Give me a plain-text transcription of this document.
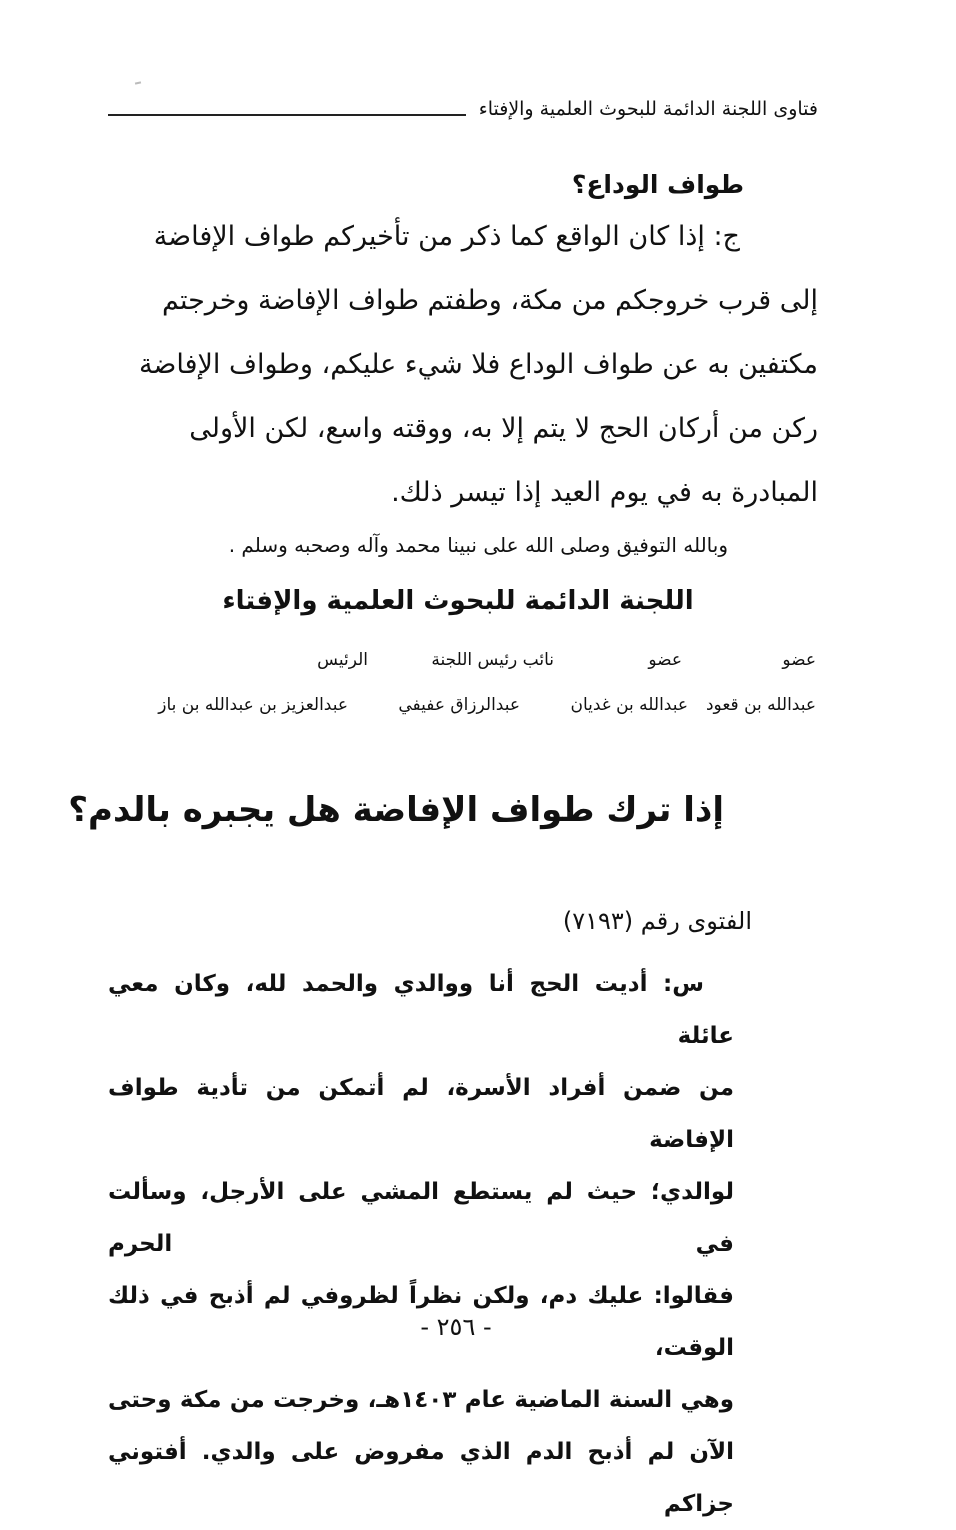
فتاوى اللجنة الدائمة للبحوث العلمية والإفتاء
طواف الوداع؟

ج: إذا كان الواقع كما ذكر من تأخيركم طواف الإفاضة

إلى قرب خروجكم من مكة، وطفتم طواف الإفاضة وخرجتم

مكتفين به عن طواف الوداع فلا شيء عليكم، وطواف الإفاضة

ركن من أركان الحج لا يتم إلا به، ووقته واسع، لكن الأولى

المبادرة به في يوم العيد إذا تيسر ذلك.

وبالله التوفيق وصلى الله على نبينا محمد وآله وصحبه وسلم .
اللجنة الدائمة للبحوث العلمية والإفتاء
عضو
عضو
نائب رئيس اللجنة
الرئيس
عبدالله بن قعود
عبدالله بن غديان
عبدالرزاق عفيفي
عبدالعزيز بن عبدالله بن باز
إذا ترك طواف الإفاضة هل يجبره بالدم؟
الفتوى رقم (٧١٩٣)

س: أديت الحج أنا ووالدي والحمد لله، وكان معي عائلة

من ضمن أفراد الأسرة، لم أتمكن من تأدية طواف الإفاضة

لوالدي؛ حيث لم يستطع المشي على الأرجل، وسألت في الحرم

فقالوا: عليك دم، ولكن نظراً لظروفي لم أذبح في ذلك الوقت،

وهي السنة الماضية عام ١٤٠٣هـ، وخرجت من مكة وحتى

الآن لم أذبح الدم الذي مفروض على والدي. أفتوني جزاكم

- ٢٥٦ -
